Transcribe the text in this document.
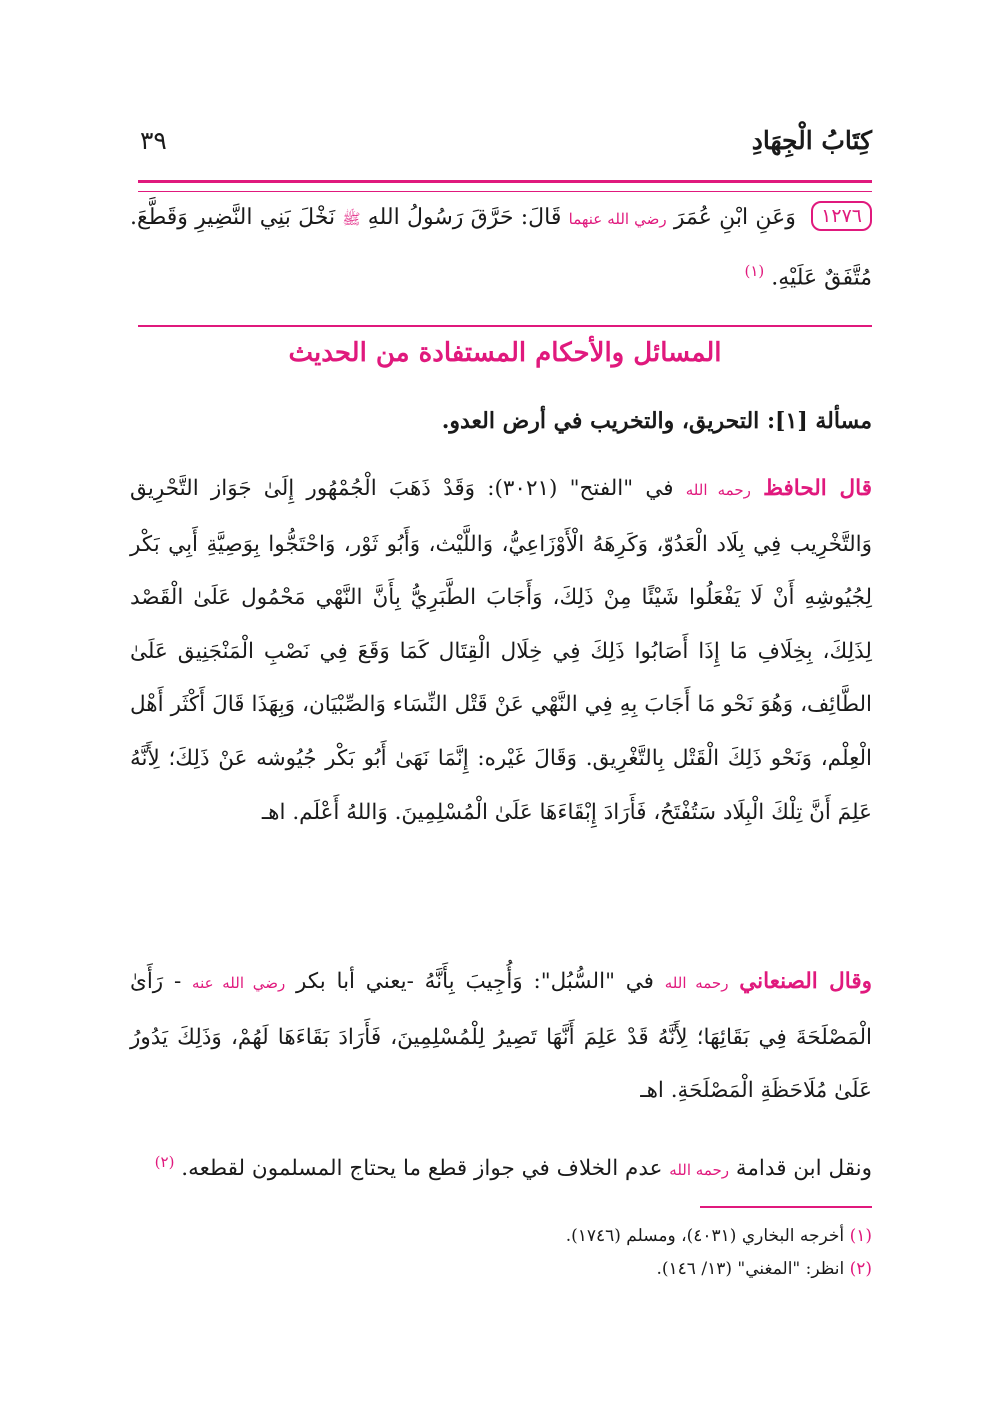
كِتَابُ الْجِهَادِ
٣٩
١٢٧٦ وَعَنِ ابْنِ عُمَرَ رضي الله عنهما قَالَ: حَرَّقَ رَسُولُ اللهِ ﷺ نَخْلَ بَنِي النَّضِيرِ وَقَطَّعَ. مُتَّفَقٌ عَلَيْهِ. $^{(١)}$
المسائل والأحكام المستفادة من الحديث
مسألة [١]: التحريق، والتخريب في أرض العدو.
قال الحافظ رحمه الله في "الفتح" (٣٠٢١): وَقَدْ ذَهَبَ الْجُمْهُور إِلَىٰ جَوَاز التَّحْرِيق وَالتَّخْرِيب فِي بِلَاد الْعَدُوّ، وَكَرِهَهُ الْأَوْزَاعِيُّ، وَاللَّيْث، وَأَبُو ثَوْر، وَاحْتَجُّوا بِوَصِيَّةِ أَبِي بَكْر لِجُيُوشِهِ أَنْ لَا يَفْعَلُوا شَيْئًا مِنْ ذَلِكَ، وَأَجَابَ الطَّبَرِيُّ بِأَنَّ النَّهْي مَحْمُول عَلَىٰ الْقَصْد لِذَلِكَ، بِخِلَافِ مَا إِذَا أَصَابُوا ذَلِكَ فِي خِلَال الْقِتَال كَمَا وَقَعَ فِي نَصْبِ الْمَنْجَنِيق عَلَىٰ الطَّائِف، وَهُوَ نَحْو مَا أَجَابَ بِهِ فِي النَّهْي عَنْ قَتْل النِّسَاء وَالصِّبْيَان، وَبِهَذَا قَالَ أَكْثَر أَهْل الْعِلْم، وَنَحْو ذَلِكَ الْقَتْل بِالتَّغْرِيق. وَقَالَ غَيْره: إِنَّمَا نَهَىٰ أَبُو بَكْر جُيُوشه عَنْ ذَلِكَ؛ لِأَنَّهُ عَلِمَ أَنَّ تِلْكَ الْبِلَاد سَتُفْتَحُ، فَأَرَادَ إِبْقَاءَهَا عَلَىٰ الْمُسْلِمِينَ. وَاللهُ أَعْلَم. اهـ
وقال الصنعاني رحمه الله في "السُّبُل": وَأُجِيبَ بِأَنَّهُ -يعني أبا بكر رضي الله عنه - رَأَىٰ الْمَصْلَحَةَ فِي بَقَائِهَا؛ لِأَنَّهُ قَدْ عَلِمَ أَنَّهَا تَصِيرُ لِلْمُسْلِمِينَ، فَأَرَادَ بَقَاءَهَا لَهُمْ، وَذَلِكَ يَدُورُ عَلَىٰ مُلَاحَظَةِ الْمَصْلَحَةِ. اهـ
ونقل ابن قدامة رحمه الله عدم الخلاف في جواز قطع ما يحتاج المسلمون لقطعه. $^{(٢)}$
(١) أخرجه البخاري (٤٠٣١)، ومسلم (١٧٤٦).
(٢) انظر: "المغني" (١٣/ ١٤٦).
